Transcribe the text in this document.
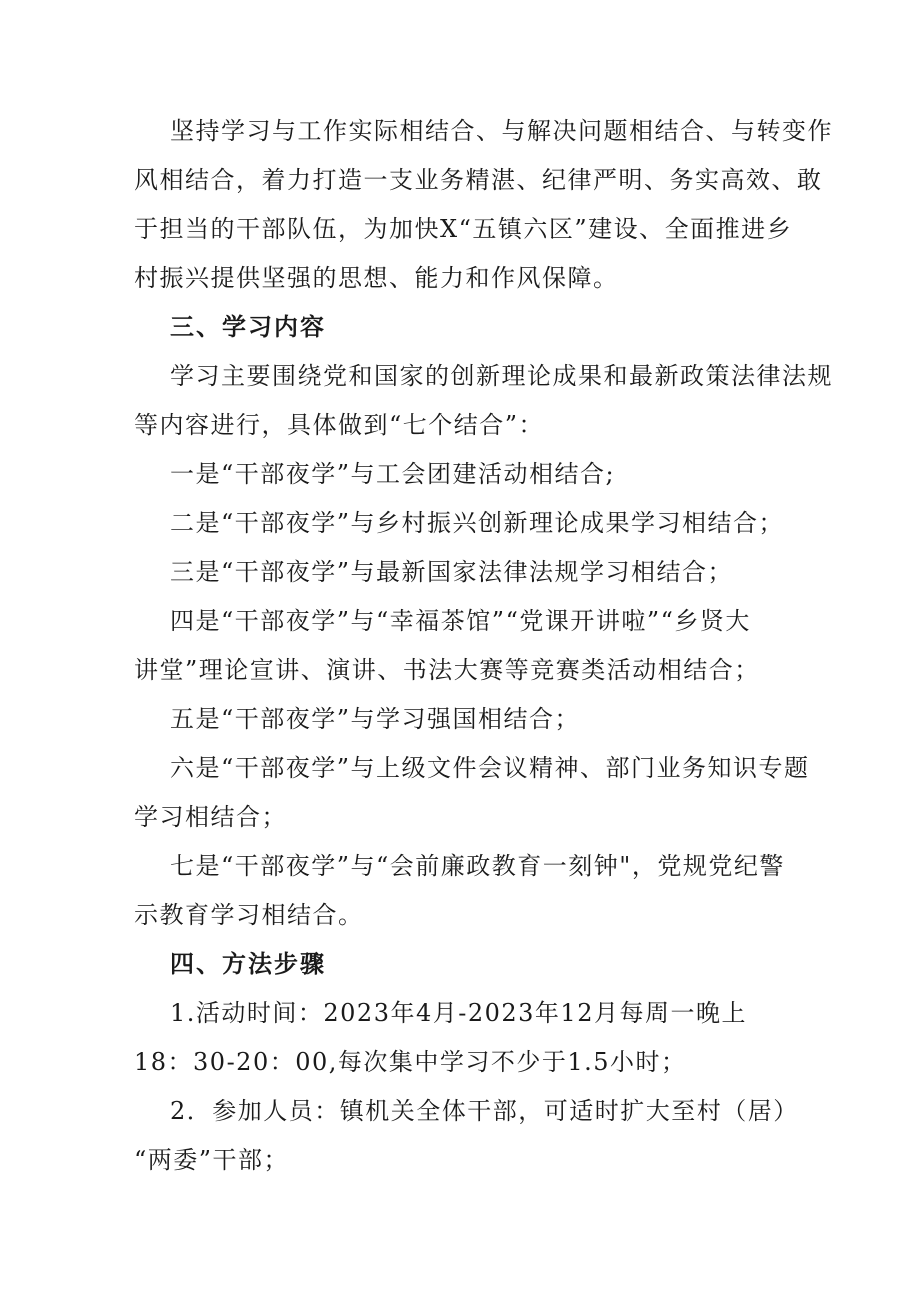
坚持学习与工作实际相结合、与解决问题相结合、与转变作
风相结合，着力打造一支业务精湛、纪律严明、务实高效、敢
于担当的干部队伍，为加快X“五镇六区”建设、全面推进乡
村振兴提供坚强的思想、能力和作风保障。
三、学习内容
学习主要围绕党和国家的创新理论成果和最新政策法律法规
等内容进行，具体做到“七个结合”：
一是“干部夜学”与工会团建活动相结合;
二是“干部夜学”与乡村振兴创新理论成果学习相结合；
三是“干部夜学”与最新国家法律法规学习相结合；
四是“干部夜学”与“幸福茶馆”“党课开讲啦”“乡贤大
讲堂”理论宣讲、演讲、书法大赛等竞赛类活动相结合；
五是“干部夜学”与学习强国相结合；
六是“干部夜学”与上级文件会议精神、部门业务知识专题
学习相结合；
七是“干部夜学”与“会前廉政教育一刻钟"，党规党纪警
示教育学习相结合。
四、方法步骤
1.活动时间：2023年4月-2023年12月每周一晚上
18：30-20：00,每次集中学习不少于1.5小时；
2．参加人员：镇机关全体干部，可适时扩大至村（居）
“两委”干部；
